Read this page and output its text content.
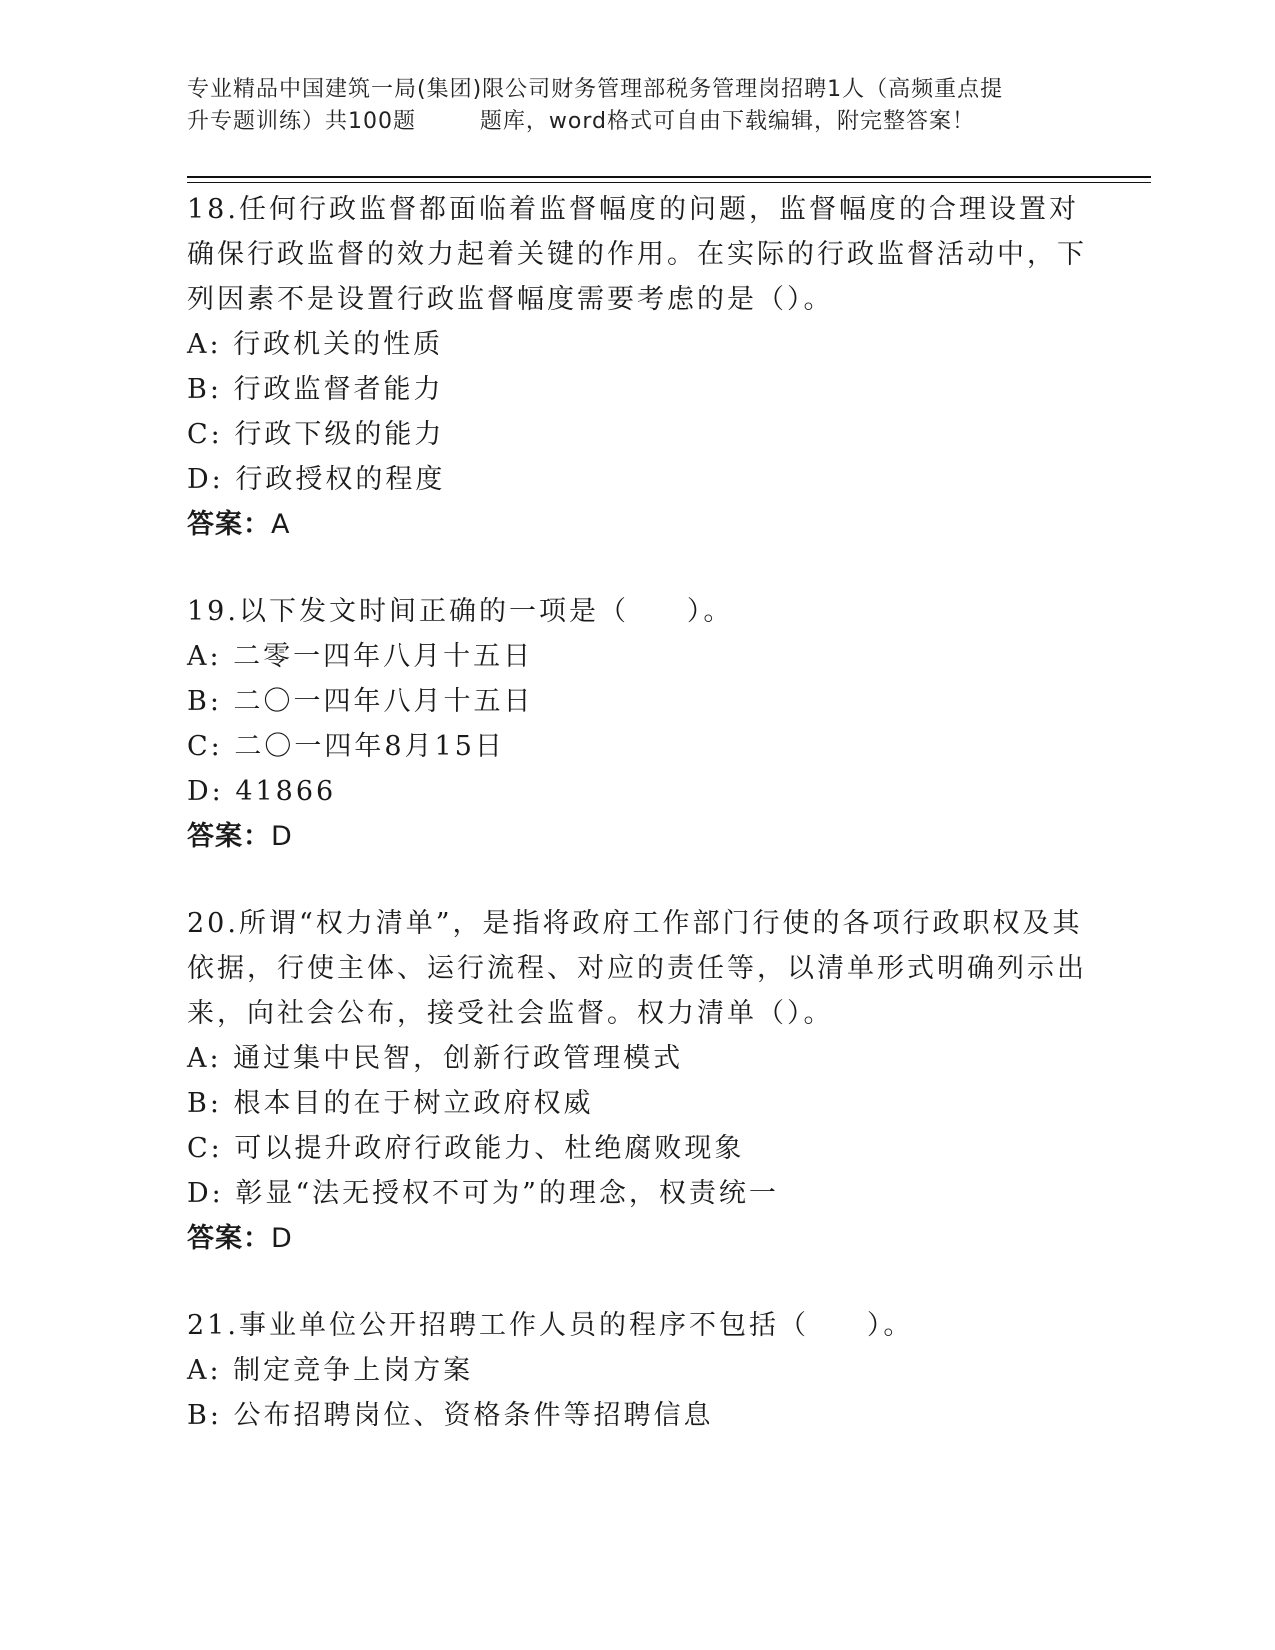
专业精品中国建筑一局(集团)限公司财务管理部税务管理岗招聘1人（高频重点提
升专题训练）共100题        题库，word格式可自由下载编辑，附完整答案！

18.任何行政监督都面临着监督幅度的问题，监督幅度的合理设置对确保行政监督的效力起着关键的作用。在实际的行政监督活动中，下列因素不是设置行政监督幅度需要考虑的是（）。

A: 行政机关的性质

B: 行政监督者能力

C: 行政下级的能力

D: 行政授权的程度

答案：A

19.以下发文时间正确的一项是（     ）。

A: 二零一四年八月十五日

B: 二〇一四年八月十五日

C: 二〇一四年8月15日

D: 41866

答案：D

20.所谓“权力清单”，是指将政府工作部门行使的各项行政职权及其依据，行使主体、运行流程、对应的责任等，以清单形式明确列示出来，向社会公布，接受社会监督。权力清单（）。

A: 通过集中民智，创新行政管理模式

B: 根本目的在于树立政府权威

C: 可以提升政府行政能力、杜绝腐败现象

D: 彰显“法无授权不可为”的理念，权责统一

答案：D

21.事业单位公开招聘工作人员的程序不包括（     ）。

A: 制定竞争上岗方案

B: 公布招聘岗位、资格条件等招聘信息
